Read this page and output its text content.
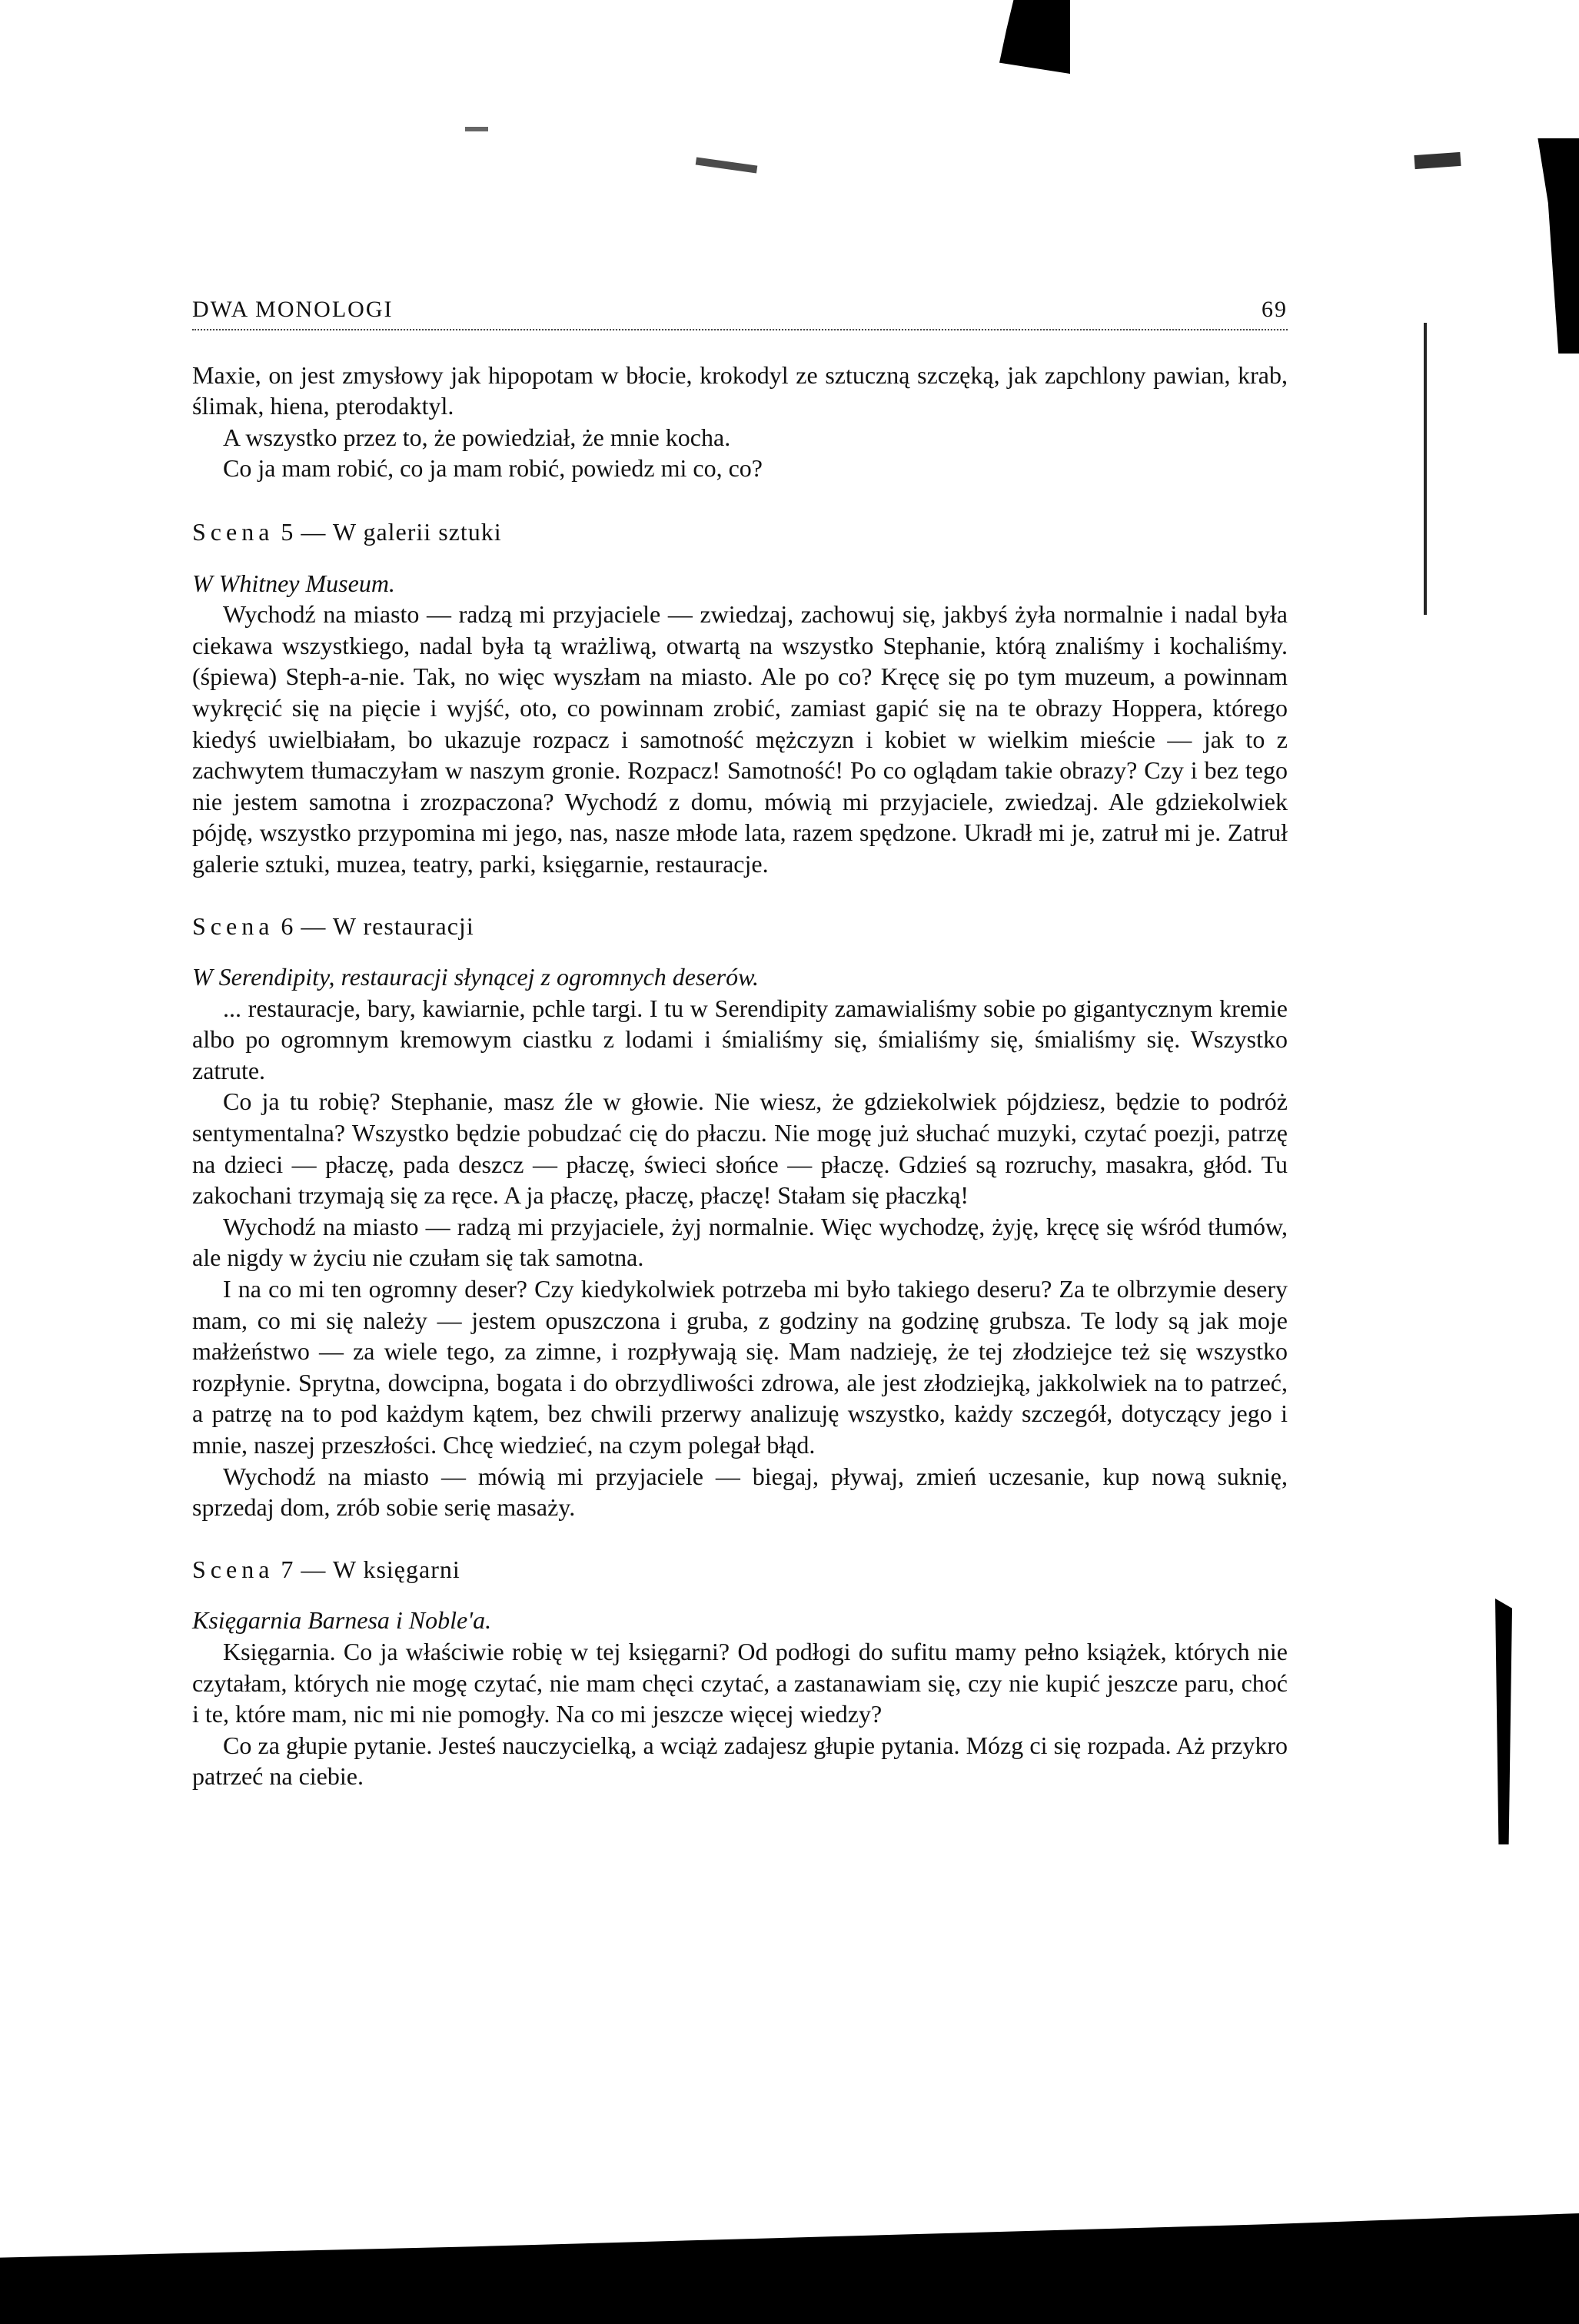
DWA MONOLOGI	69

Maxie, on jest zmysłowy jak hipopotam w błocie, krokodyl ze sztuczną szczęką, jak zapchlony pawian, krab, ślimak, hiena, pterodaktyl.

A wszystko przez to, że powiedział, że mnie kocha.

Co ja mam robić, co ja mam robić, powiedz mi co, co?

Scena 5 — W galerii sztuki

W Whitney Museum.

Wychodź na miasto — radzą mi przyjaciele — zwiedzaj, zachowuj się, jakbyś żyła normalnie i nadal była ciekawa wszystkiego, nadal była tą wrażliwą, otwartą na wszystko Stephanie, którą znaliśmy i kochaliśmy. (śpiewa) Steph-a-nie. Tak, no więc wyszłam na miasto. Ale po co? Kręcę się po tym muzeum, a powinnam wykręcić się na pięcie i wyjść, oto, co powinnam zrobić, zamiast gapić się na te obrazy Hoppera, którego kiedyś uwielbiałam, bo ukazuje rozpacz i samotność mężczyzn i kobiet w wielkim mieście — jak to z zachwytem tłumaczyłam w naszym gronie. Rozpacz! Samotność! Po co oglądam takie obrazy? Czy i bez tego nie jestem samotna i zrozpaczona? Wychodź z domu, mówią mi przyjaciele, zwiedzaj. Ale gdziekolwiek pójdę, wszystko przypomina mi jego, nas, nasze młode lata, razem spędzone. Ukradł mi je, zatruł mi je. Zatruł galerie sztuki, muzea, teatry, parki, księgarnie, restauracje.

Scena 6 — W restauracji

W Serendipity, restauracji słynącej z ogromnych deserów.

... restauracje, bary, kawiarnie, pchle targi. I tu w Serendipity zamawialiśmy sobie po gigantycznym kremie albo po ogromnym kremowym ciastku z lodami i śmialiśmy się, śmialiśmy się, śmialiśmy się. Wszystko zatrute.

Co ja tu robię? Stephanie, masz źle w głowie. Nie wiesz, że gdziekolwiek pójdziesz, będzie to podróż sentymentalna? Wszystko będzie pobudzać cię do płaczu. Nie mogę już słuchać muzyki, czytać poezji, patrzę na dzieci — płaczę, pada deszcz — płaczę, świeci słońce — płaczę. Gdzieś są rozruchy, masakra, głód. Tu zakochani trzymają się za ręce. A ja płaczę, płaczę, płaczę! Stałam się płaczką!

Wychodź na miasto — radzą mi przyjaciele, żyj normalnie. Więc wychodzę, żyję, kręcę się wśród tłumów, ale nigdy w życiu nie czułam się tak samotna.

I na co mi ten ogromny deser? Czy kiedykolwiek potrzeba mi było takiego deseru? Za te olbrzymie desery mam, co mi się należy — jestem opuszczona i gruba, z godziny na godzinę grubsza. Te lody są jak moje małżeństwo — za wiele tego, za zimne, i rozpływają się. Mam nadzieję, że tej złodziejce też się wszystko rozpłynie. Sprytna, dowcipna, bogata i do obrzydliwości zdrowa, ale jest złodziejką, jakkolwiek na to patrzeć, a patrzę na to pod każdym kątem, bez chwili przerwy analizuję wszystko, każdy szczegół, dotyczący jego i mnie, naszej przeszłości. Chcę wiedzieć, na czym polegał błąd.

Wychodź na miasto — mówią mi przyjaciele — biegaj, pływaj, zmień uczesanie, kup nową suknię, sprzedaj dom, zrób sobie serię masaży.

Scena 7 — W księgarni

Księgarnia Barnesa i Noble'a.

Księgarnia. Co ja właściwie robię w tej księgarni? Od podłogi do sufitu mamy pełno książek, których nie czytałam, których nie mogę czytać, nie mam chęci czytać, a zastanawiam się, czy nie kupić jeszcze paru, choć i te, które mam, nic mi nie pomogły. Na co mi jeszcze więcej wiedzy?

Co za głupie pytanie. Jesteś nauczycielką, a wciąż zadajesz głupie pytania. Mózg ci się rozpada. Aż przykro patrzeć na ciebie.
